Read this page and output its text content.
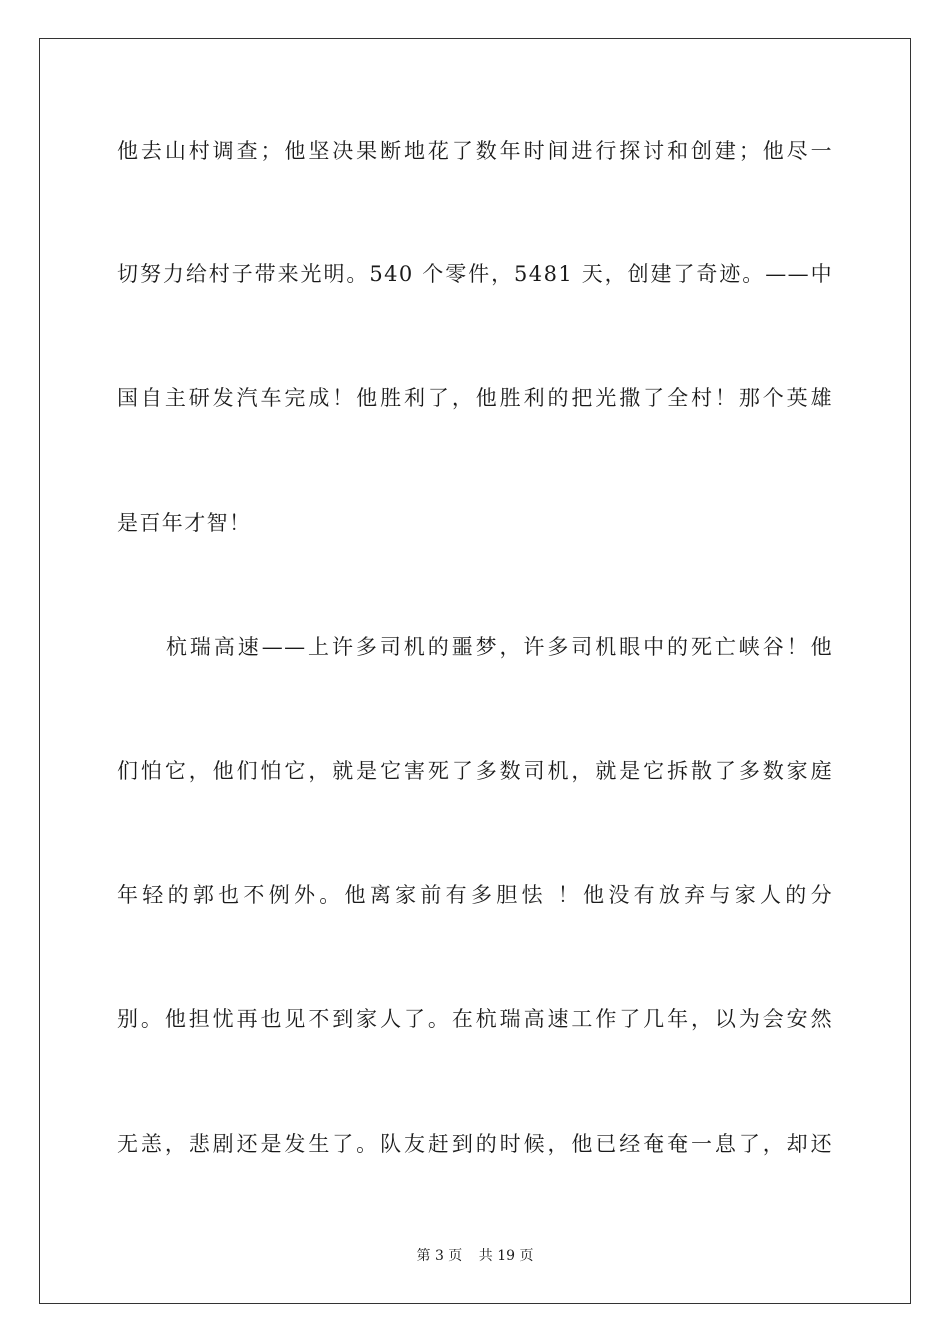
他去山村调查；他坚决果断地花了数年时间进行探讨和创建；他尽一
切努力给村子带来光明。540 个零件，5481 天，创建了奇迹。——中
国自主研发汽车完成！他胜利了，他胜利的把光撒了全村！那个英雄
是百年才智！
杭瑞高速——上许多司机的噩梦，许多司机眼中的死亡峡谷！他
们怕它，他们怕它，就是它害死了多数司机，就是它拆散了多数家庭
年轻的郭也不例外。他离家前有多胆怯 ！他没有放弃与家人的分
别。他担忧再也见不到家人了。在杭瑞高速工作了几年，以为会安然
无恙，悲剧还是发生了。队友赶到的时候，他已经奄奄一息了，却还
第 3 页 共 19 页
